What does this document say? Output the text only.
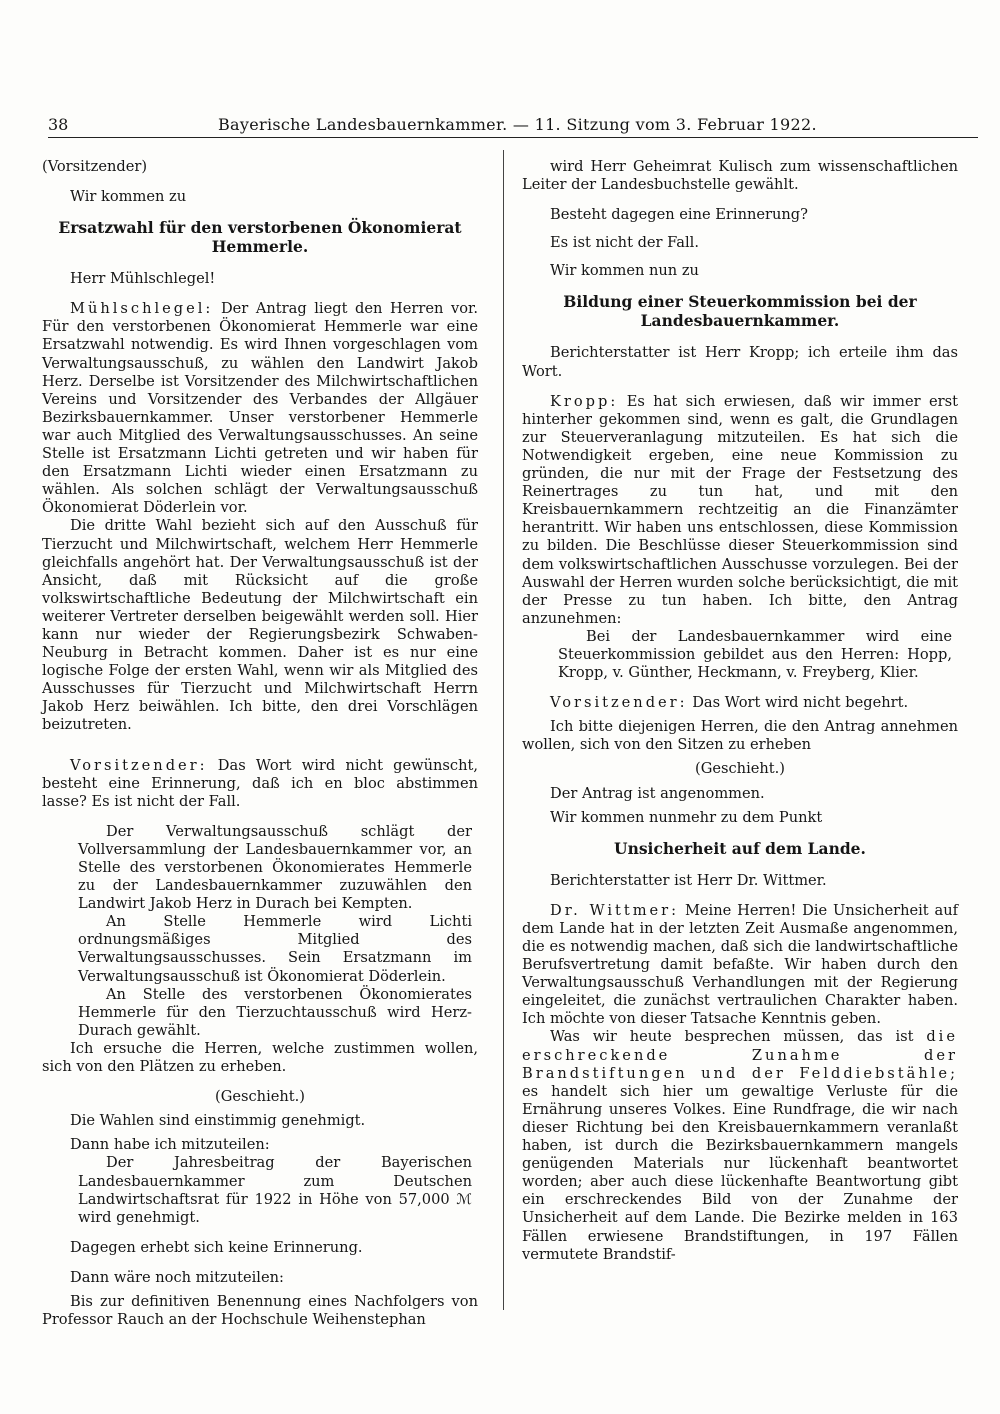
38	Bayerische Landesbauernkammer. — 11. Sitzung vom 3. Februar 1922.

(Vorsitzender)

Wir kommen zu

Ersatzwahl für den verstorbenen Ökonomierat Hemmerle.

Herr Mühlschlegel!

Mühlschlegel: Der Antrag liegt den Herren vor. Für den verstorbenen Ökonomierat Hemmerle war eine Ersatzwahl notwendig. Es wird Ihnen vorgeschlagen vom Verwaltungsausschuß, zu wählen den Landwirt Jakob Herz. Derselbe ist Vorsitzender des Milchwirtschaftlichen Vereins und Vorsitzender des Verbandes der Allgäuer Bezirksbauernkammer. Unser verstorbener Hemmerle war auch Mitglied des Verwaltungsausschusses. An seine Stelle ist Ersatzmann Lichti getreten und wir haben für den Ersatzmann Lichti wieder einen Ersatzmann zu wählen. Als solchen schlägt der Verwaltungsausschuß Ökonomierat Döderlein vor.

Die dritte Wahl bezieht sich auf den Ausschuß für Tierzucht und Milchwirtschaft, welchem Herr Hemmerle gleichfalls angehört hat. Der Verwaltungsausschuß ist der Ansicht, daß mit Rücksicht auf die große volkswirtschaftliche Bedeutung der Milchwirtschaft ein weiterer Vertreter derselben beigewählt werden soll. Hier kann nur wieder der Regierungsbezirk Schwaben-Neuburg in Betracht kommen. Daher ist es nur eine logische Folge der ersten Wahl, wenn wir als Mitglied des Ausschusses für Tierzucht und Milchwirtschaft Herrn Jakob Herz beiwählen. Ich bitte, den drei Vorschlägen beizutreten.

Vorsitzender: Das Wort wird nicht gewünscht, besteht eine Erinnerung, daß ich en bloc abstimmen lasse? Es ist nicht der Fall.

Der Verwaltungsausschuß schlägt der Vollversammlung der Landesbauernkammer vor, an Stelle des verstorbenen Ökonomierates Hemmerle zu der Landesbauernkammer zuzuwählen den Landwirt Jakob Herz in Durach bei Kempten.

An Stelle Hemmerle wird Lichti ordnungsmäßiges Mitglied des Verwaltungsausschusses. Sein Ersatzmann im Verwaltungsausschuß ist Ökonomierat Döderlein.

An Stelle des verstorbenen Ökonomierates Hemmerle für den Tierzuchtausschuß wird Herz-Durach gewählt.

Ich ersuche die Herren, welche zustimmen wollen, sich von den Plätzen zu erheben.

(Geschieht.)

Die Wahlen sind einstimmig genehmigt.

Dann habe ich mitzuteilen:

Der Jahresbeitrag der Bayerischen Landesbauernkammer zum Deutschen Landwirtschaftsrat für 1922 in Höhe von 57,000 ℳ wird genehmigt.

Dagegen erhebt sich keine Erinnerung.

Dann wäre noch mitzuteilen:

Bis zur definitiven Benennung eines Nachfolgers von Professor Rauch an der Hochschule Weihenstephan

wird Herr Geheimrat Kulisch zum wissenschaftlichen Leiter der Landesbuchstelle gewählt.

Besteht dagegen eine Erinnerung?

Es ist nicht der Fall.

Wir kommen nun zu

Bildung einer Steuerkommission bei der Landesbauernkammer.

Berichterstatter ist Herr Kropp; ich erteile ihm das Wort.

Kropp: Es hat sich erwiesen, daß wir immer erst hinterher gekommen sind, wenn es galt, die Grundlagen zur Steuerveranlagung mitzuteilen. Es hat sich die Notwendigkeit ergeben, eine neue Kommission zu gründen, die nur mit der Frage der Festsetzung des Reinertrages zu tun hat, und mit den Kreisbauernkammern rechtzeitig an die Finanzämter herantritt. Wir haben uns entschlossen, diese Kommission zu bilden. Die Beschlüsse dieser Steuerkommission sind dem volkswirtschaftlichen Ausschusse vorzulegen. Bei der Auswahl der Herren wurden solche berücksichtigt, die mit der Presse zu tun haben. Ich bitte, den Antrag anzunehmen:

Bei der Landesbauernkammer wird eine Steuerkommission gebildet aus den Herren: Hopp, Kropp, v. Günther, Heckmann, v. Freyberg, Klier.

Vorsitzender: Das Wort wird nicht begehrt.

Ich bitte diejenigen Herren, die den Antrag annehmen wollen, sich von den Sitzen zu erheben

(Geschieht.)

Der Antrag ist angenommen.

Wir kommen nunmehr zu dem Punkt

Unsicherheit auf dem Lande.

Berichterstatter ist Herr Dr. Wittmer.

Dr. Wittmer: Meine Herren! Die Unsicherheit auf dem Lande hat in der letzten Zeit Ausmaße angenommen, die es notwendig machen, daß sich die landwirtschaftliche Berufsvertretung damit befaßte. Wir haben durch den Verwaltungsausschuß Verhandlungen mit der Regierung eingeleitet, die zunächst vertraulichen Charakter haben. Ich möchte von dieser Tatsache Kenntnis geben.

Was wir heute besprechen müssen, das ist die erschreckende Zunahme der Brandstiftungen und der Felddiebstähle; es handelt sich hier um gewaltige Verluste für die Ernährung unseres Volkes. Eine Rundfrage, die wir nach dieser Richtung bei den Kreisbauernkammern veranlaßt haben, ist durch die Bezirksbauernkammern mangels genügenden Materials nur lückenhaft beantwortet worden; aber auch diese lückenhafte Beantwortung gibt ein erschreckendes Bild von der Zunahme der Unsicherheit auf dem Lande. Die Bezirke melden in 163 Fällen erwiesene Brandstiftungen, in 197 Fällen vermutete Brandstif-
